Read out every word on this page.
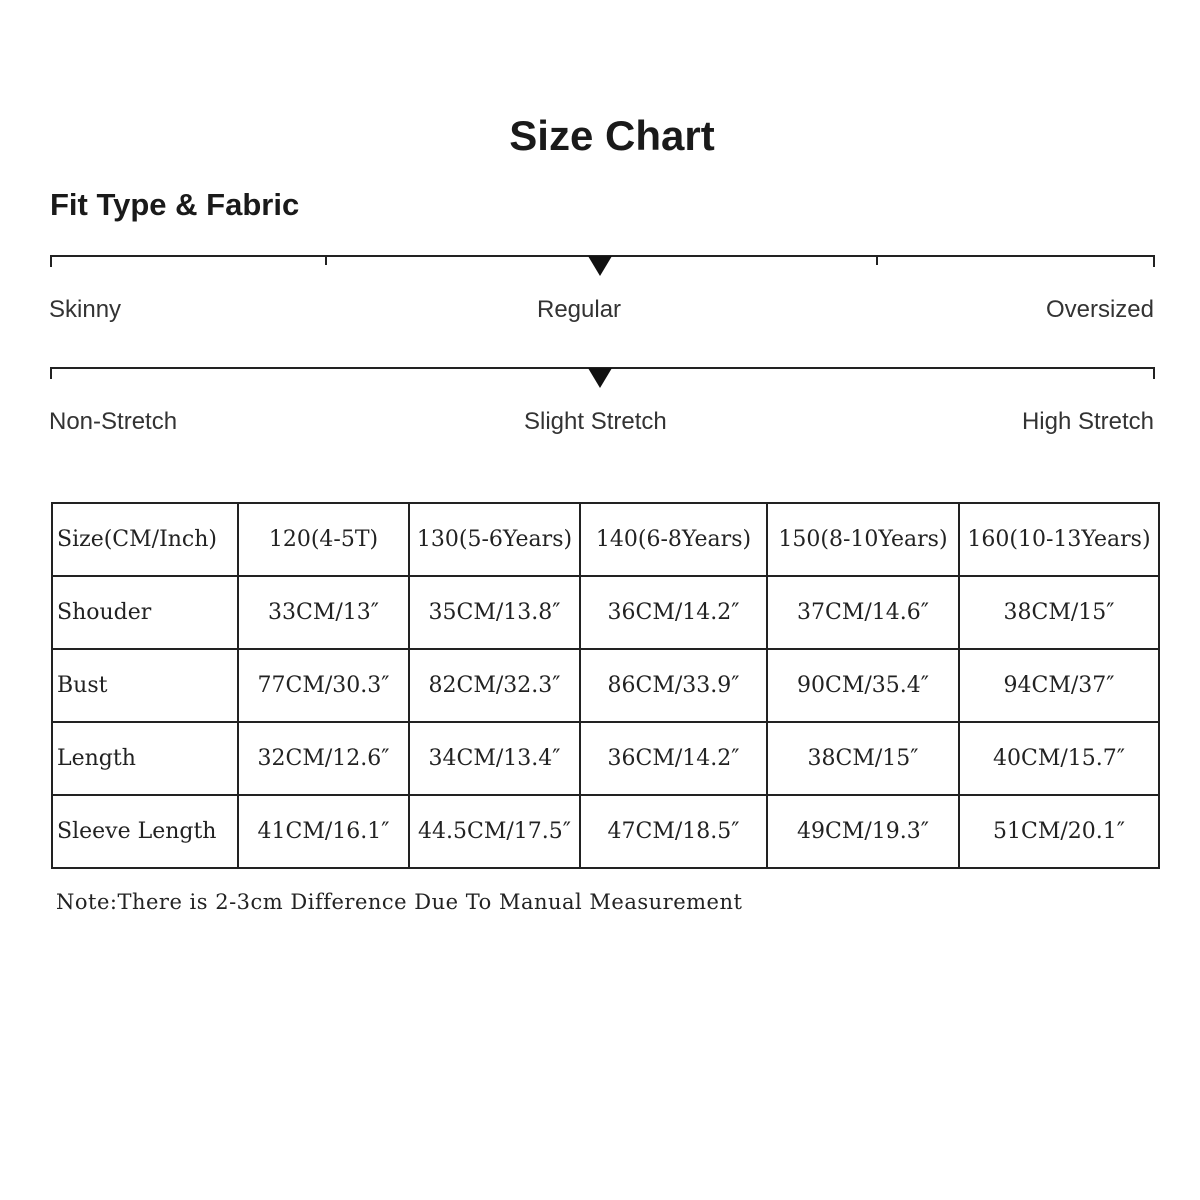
Size Chart
Fit Type & Fabric
Skinny	Regular	Oversized
Non-Stretch	Slight Stretch	High Stretch
Size(CM/Inch)	120(4-5T)	130(5-6Years)	140(6-8Years)	150(8-10Years)	160(10-13Years)
Shouder	33CM/13″	35CM/13.8″	36CM/14.2″	37CM/14.6″	38CM/15″
Bust	77CM/30.3″	82CM/32.3″	86CM/33.9″	90CM/35.4″	94CM/37″
Length	32CM/12.6″	34CM/13.4″	36CM/14.2″	38CM/15″	40CM/15.7″
Sleeve Length	41CM/16.1″	44.5CM/17.5″	47CM/18.5″	49CM/19.3″	51CM/20.1″
Note:There is 2-3cm Difference Due To Manual Measurement
